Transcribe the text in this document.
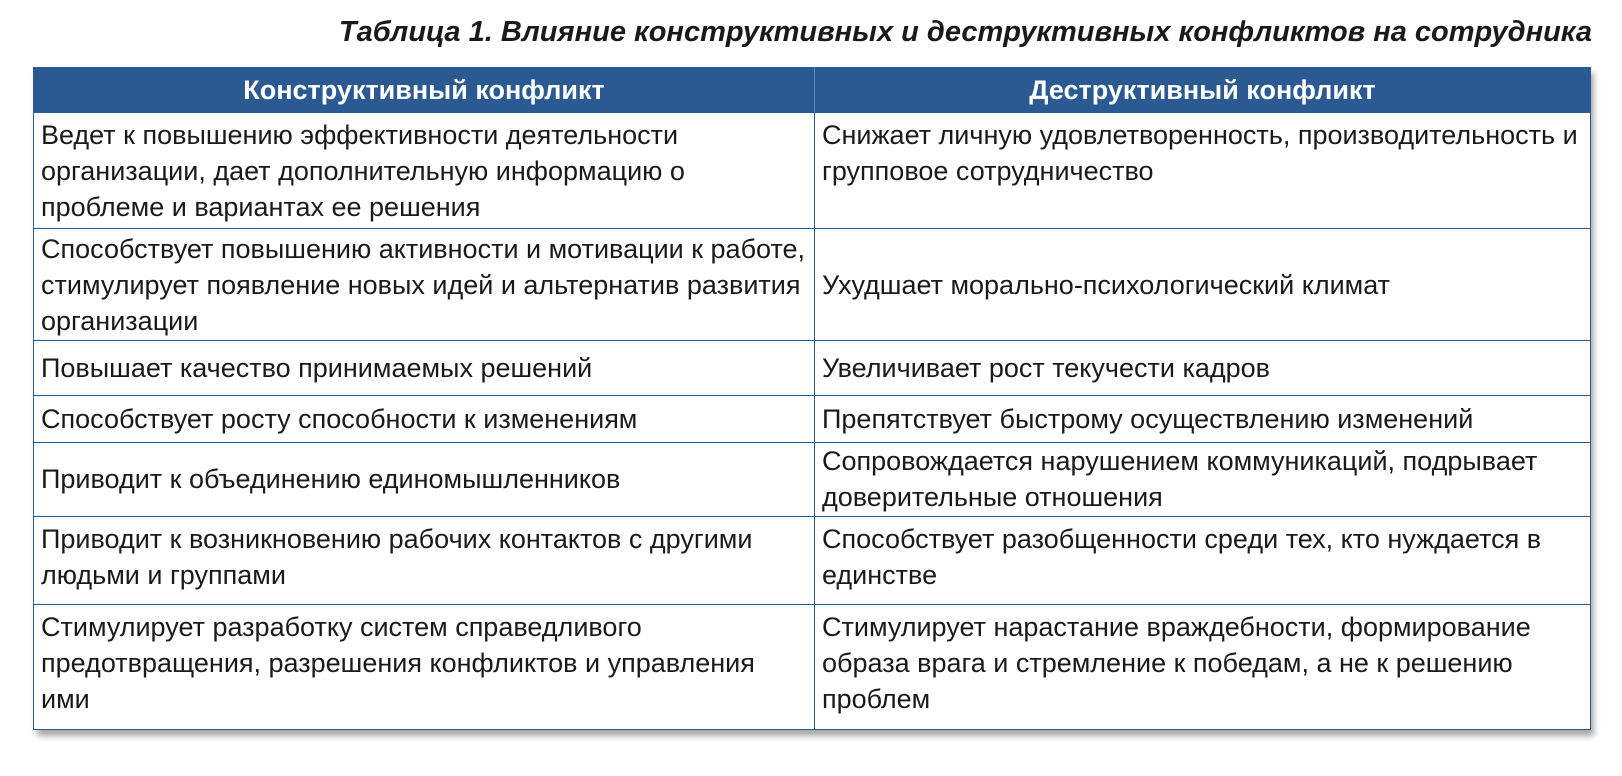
Таблица 1. Влияние конструктивных и деструктивных конфликтов на сотрудника
Конструктивный конфликт	Деструктивный конфликт
Ведет к повышению эффективности деятельности организации, дает дополнительную информацию о проблеме и вариантах ее решения	Снижает личную удовлетворенность, производительность и групповое сотрудничество
Способствует повышению активности и мотивации к работе, стимулирует появление новых идей и альтернатив развития организации	Ухудшает морально-психологический климат
Повышает качество принимаемых решений	Увеличивает рост текучести кадров
Способствует росту способности к изменениям	Препятствует быстрому осуществлению изменений
Приводит к объединению единомышленников	Сопровождается нарушением коммуникаций, подрывает доверительные отношения
Приводит к возникновению рабочих контактов с другими людьми и группами	Способствует разобщенности среди тех, кто нуждается в единстве
Стимулирует разработку систем справедливого предотвращения, разрешения конфликтов и управления ими	Стимулирует нарастание враждебности, формирование образа врага и стремление к победам, а не к решению проблем
